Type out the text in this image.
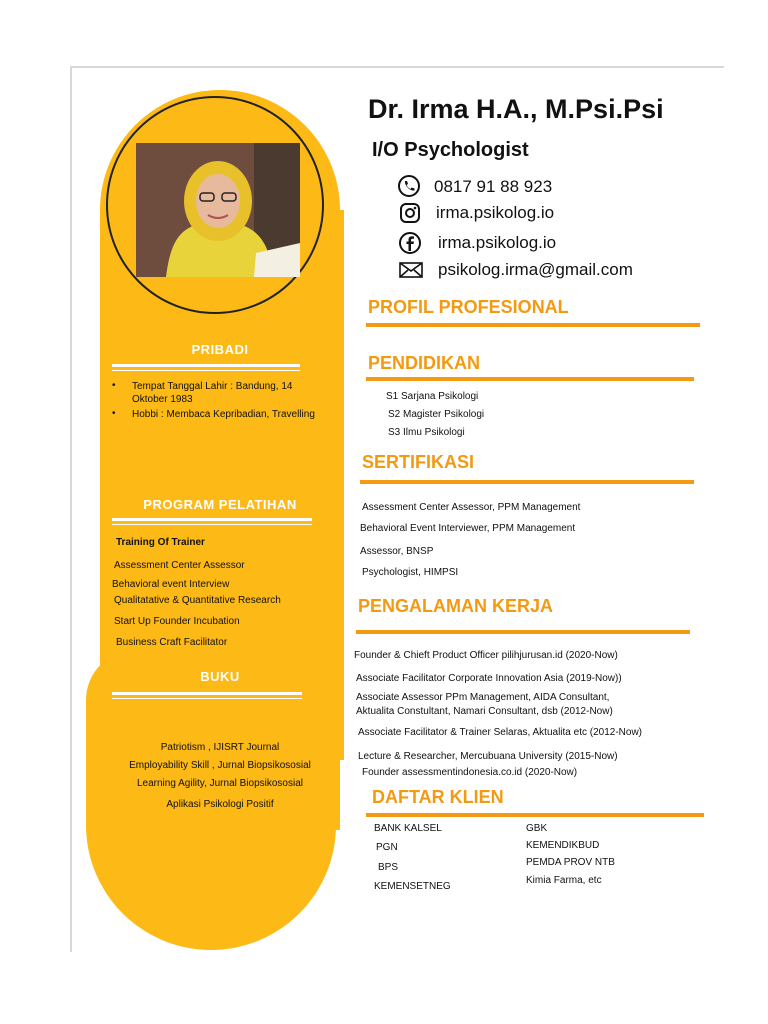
PRIBADI
• Tempat Tanggal Lahir : Bandung, 14 Oktober 1983
• Hobbi : Membaca Kepribadian, Travelling
PROGRAM PELATIHAN
Training Of Trainer
Assessment Center Assessor
Behavioral event Interview
Qualitatative & Quantitative Research
Start Up Founder Incubation
Business Craft Facilitator
BUKU
Patriotism , IJISRT Journal
Employability Skill , Jurnal Biopsikososial
Learning Agility, Jurnal Biopsikososial
Aplikasi Psikologi Positif
Dr. Irma H.A., M.Psi.Psi
I/O Psychologist
0817 91 88 923
irma.psikolog.io
irma.psikolog.io
psikolog.irma@gmail.com
PROFIL PROFESIONAL
PENDIDIKAN
S1 Sarjana Psikologi
S2 Magister Psikologi
S3 Ilmu Psikologi
SERTIFIKASI
Assessment Center Assessor, PPM Management
Behavioral Event Interviewer, PPM Management
Assessor, BNSP
Psychologist, HIMPSI
PENGALAMAN KERJA
Founder & Chieft Product Officer pilihjurusan.id (2020-Now)
Associate Facilitator Corporate Innovation Asia (2019-Now))
Associate Assessor PPm Management, AIDA Consultant,
Aktualita Constultant, Namari Consultant, dsb (2012-Now)
Associate Facilitator & Trainer Selaras, Aktualita etc (2012-Now)
Lecture & Researcher, Mercubuana University (2015-Now)
Founder assessmentindonesia.co.id (2020-Now)
DAFTAR KLIEN
BANK KALSEL
PGN
BPS
KEMENSETNEG
GBK
KEMENDIKBUD
PEMDA PROV NTB
Kimia Farma, etc
